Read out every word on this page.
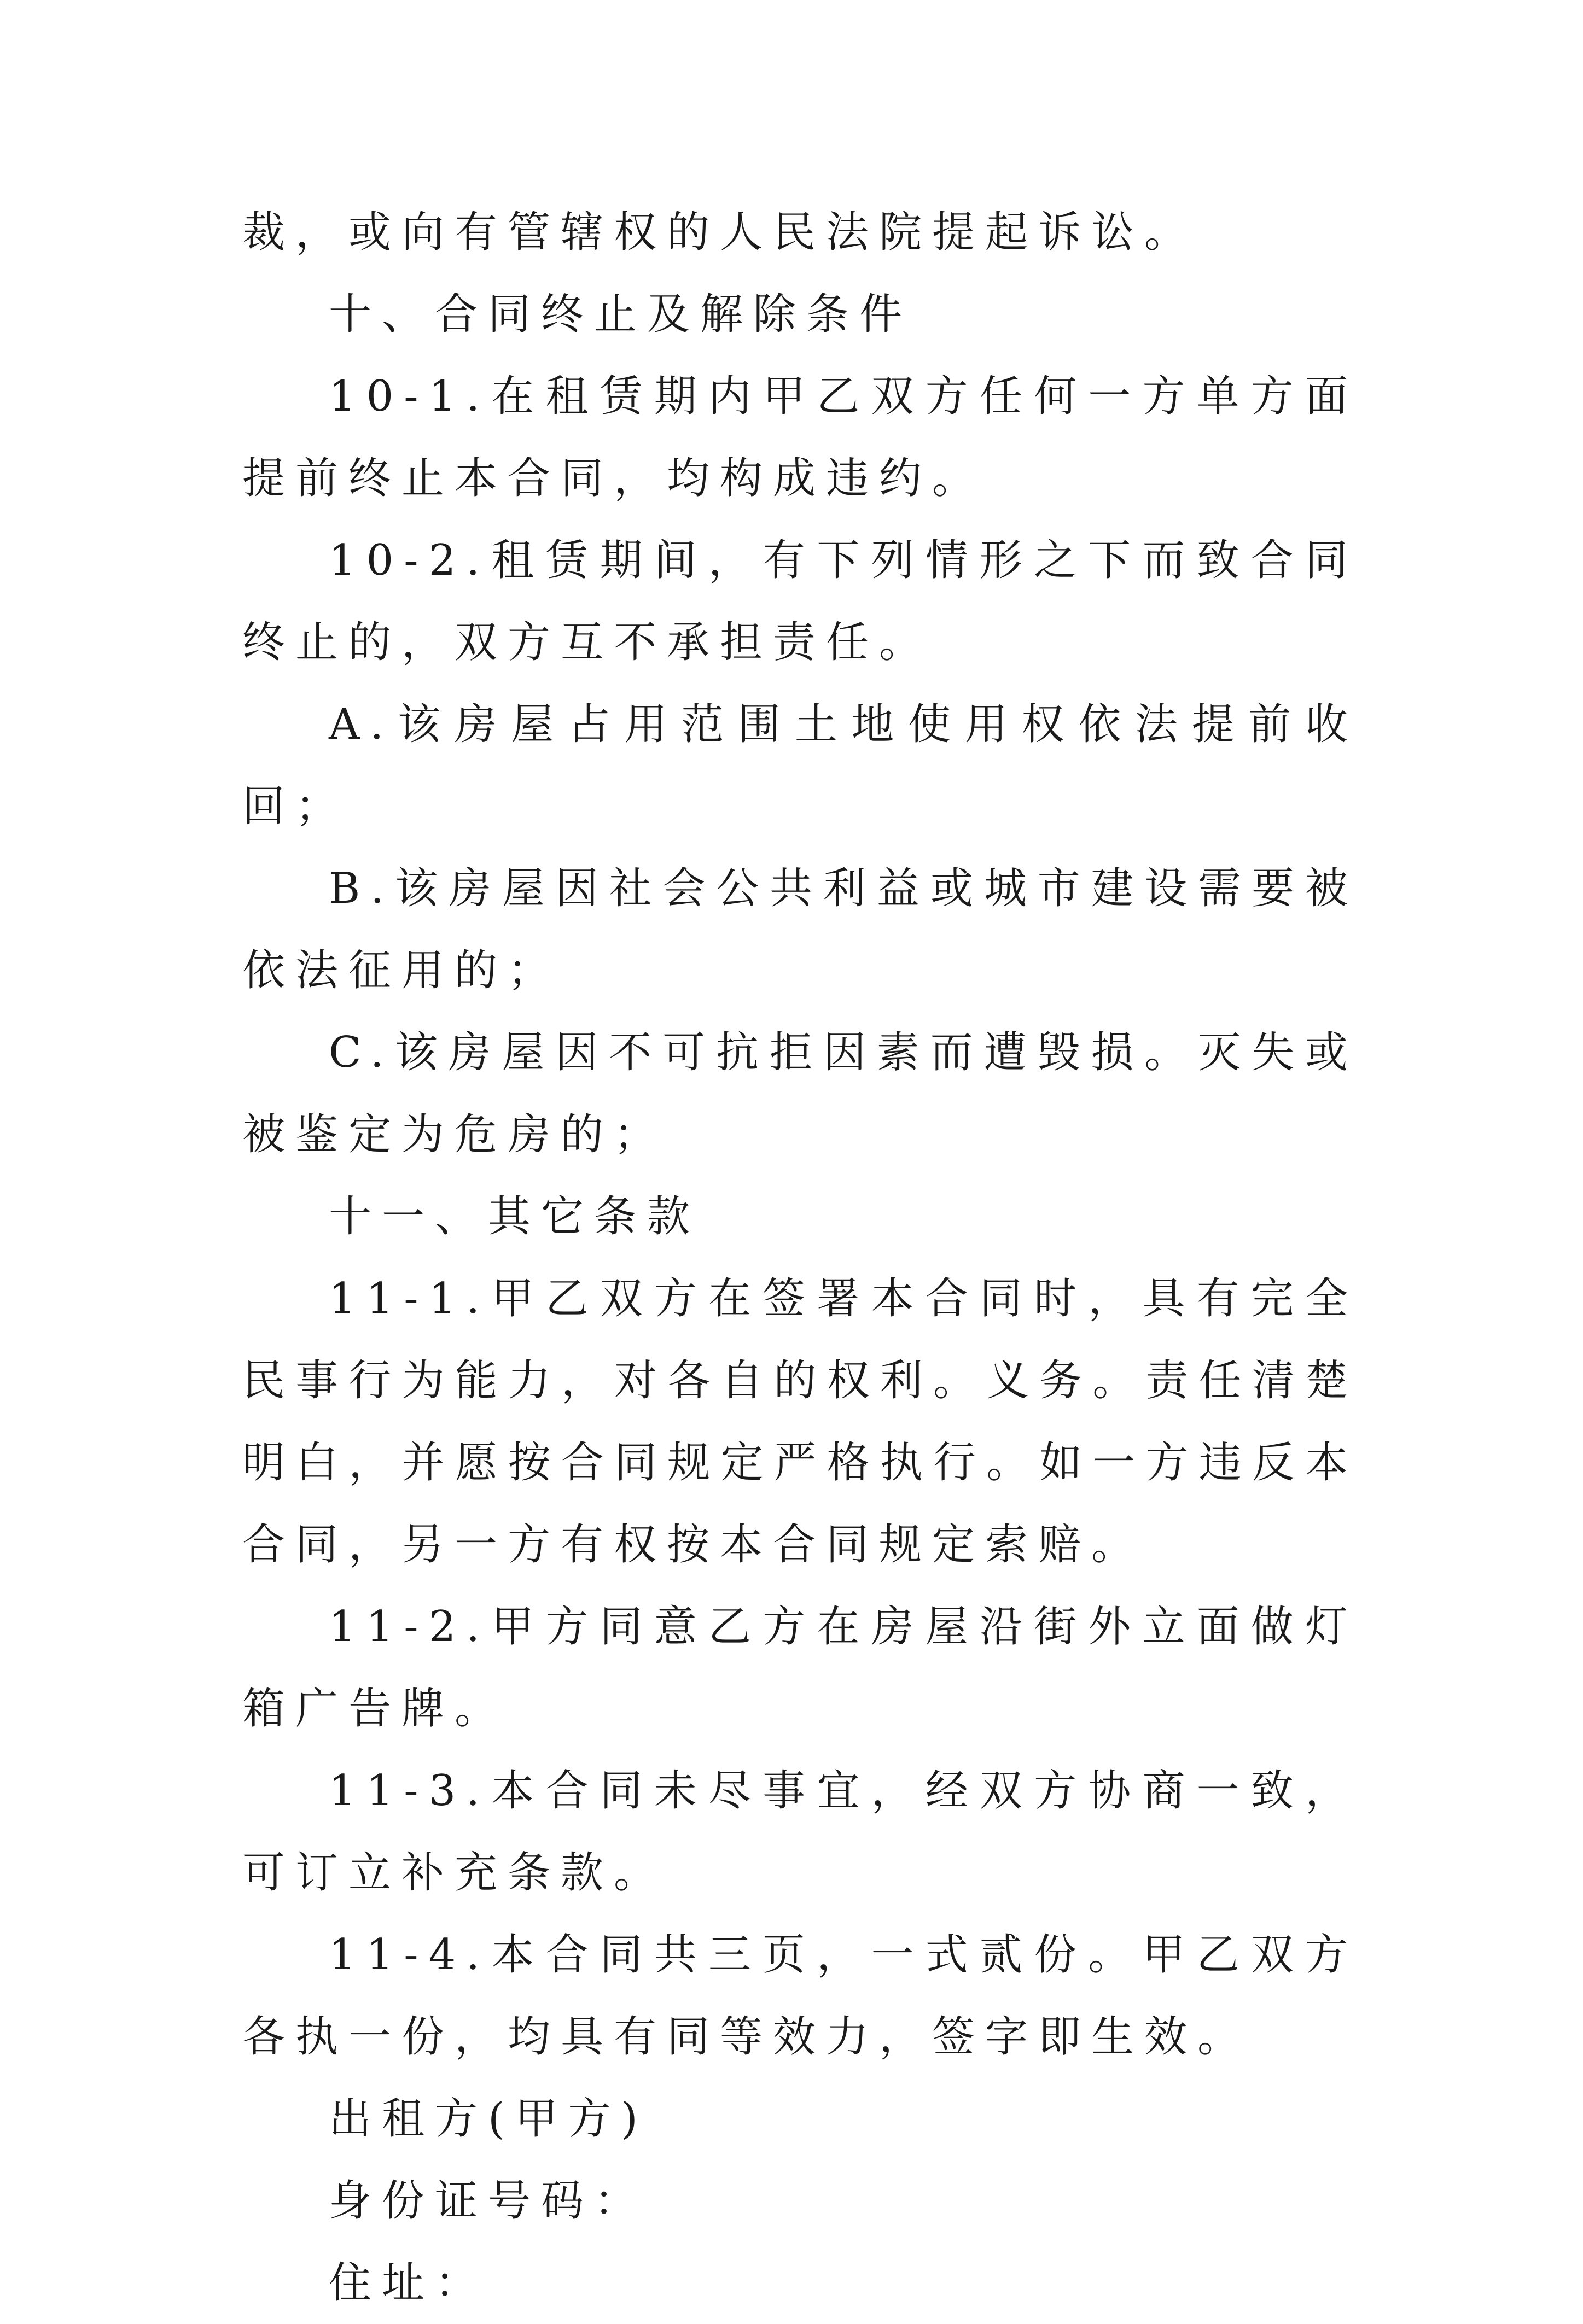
裁，或向有管辖权的人民法院提起诉讼。

十、合同终止及解除条件

10-1.在租赁期内甲乙双方任何一方单方面提前终止本合同，均构成违约。

10-2.租赁期间，有下列情形之下而致合同终止的，双方互不承担责任。

A.该房屋占用范围土地使用权依法提前收回；

B.该房屋因社会公共利益或城市建设需要被依法征用的；

C.该房屋因不可抗拒因素而遭毁损。灭失或被鉴定为危房的；

十一、其它条款

11-1.甲乙双方在签署本合同时，具有完全民事行为能力，对各自的权利。义务。责任清楚明白，并愿按合同规定严格执行。如一方违反本合同，另一方有权按本合同规定索赔。

11-2.甲方同意乙方在房屋沿街外立面做灯箱广告牌。

11-3.本合同未尽事宜，经双方协商一致，可订立补充条款。

11-4.本合同共三页，一式贰份。甲乙双方各执一份，均具有同等效力，签字即生效。

出租方(甲方)

身份证号码：

住址：
